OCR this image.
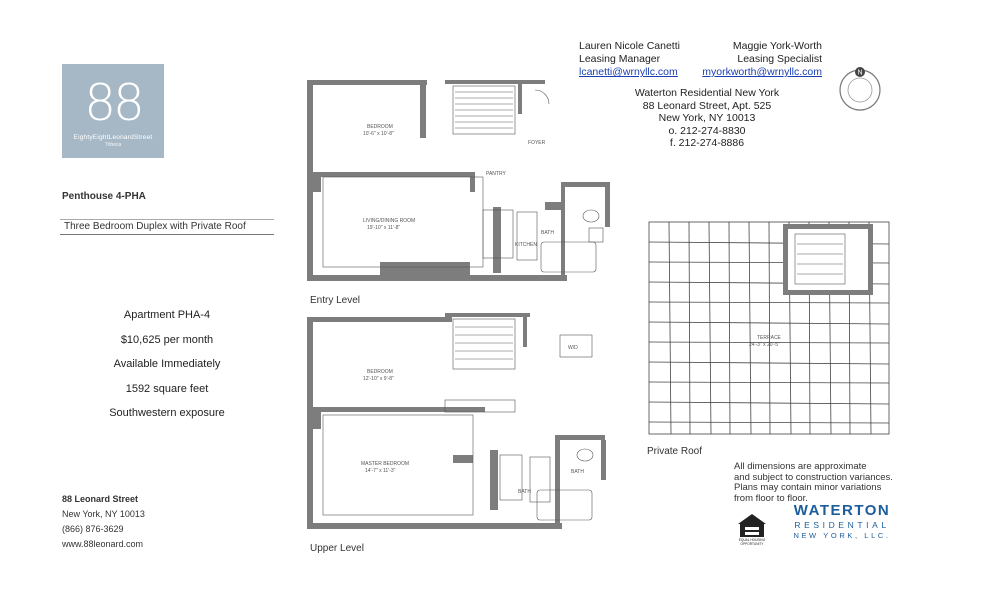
88
EightyEightLeonardStreet
Tribeca
Penthouse 4-PHA
Three Bedroom Duplex with Private Roof
Apartment PHA-4
$10,625 per month
Available Immediately
1592 square feet
Southwestern exposure
88 Leonard Street
New York, NY 10013
(866) 876-3629
www.88leonard.com
Lauren Nicole Canetti
Leasing Manager
lcanetti@wrnyllc.com
Maggie York-Worth
Leasing Specialist
myorkworth@wrnyllc.com
Waterton Residential New York
88 Leonard Street, Apt. 525
New York, NY 10013
o. 212-274-8830
f. 212-274-8886
N
BEDROOM
10'-6" x 10'-8"
FOYER
PANTRY
LIVING/DINING ROOM
19'-10" x 11'-8"
KITCHEN
BATH
BEDROOM
12'-10" x 9'-8"
MASTER BEDROOM
14'-7" x 11'-3"
BATH
BATH
W/D
TERRACE
24'-3" x 20'-5"
Entry Level
Upper Level
Private Roof
All dimensions are approximate
and subject to construction variances.
Plans may contain minor variations
from floor to floor.
EQUAL HOUSING
OPPORTUNITY
WATERTON
RESIDENTIAL
NEW YORK, LLC.
